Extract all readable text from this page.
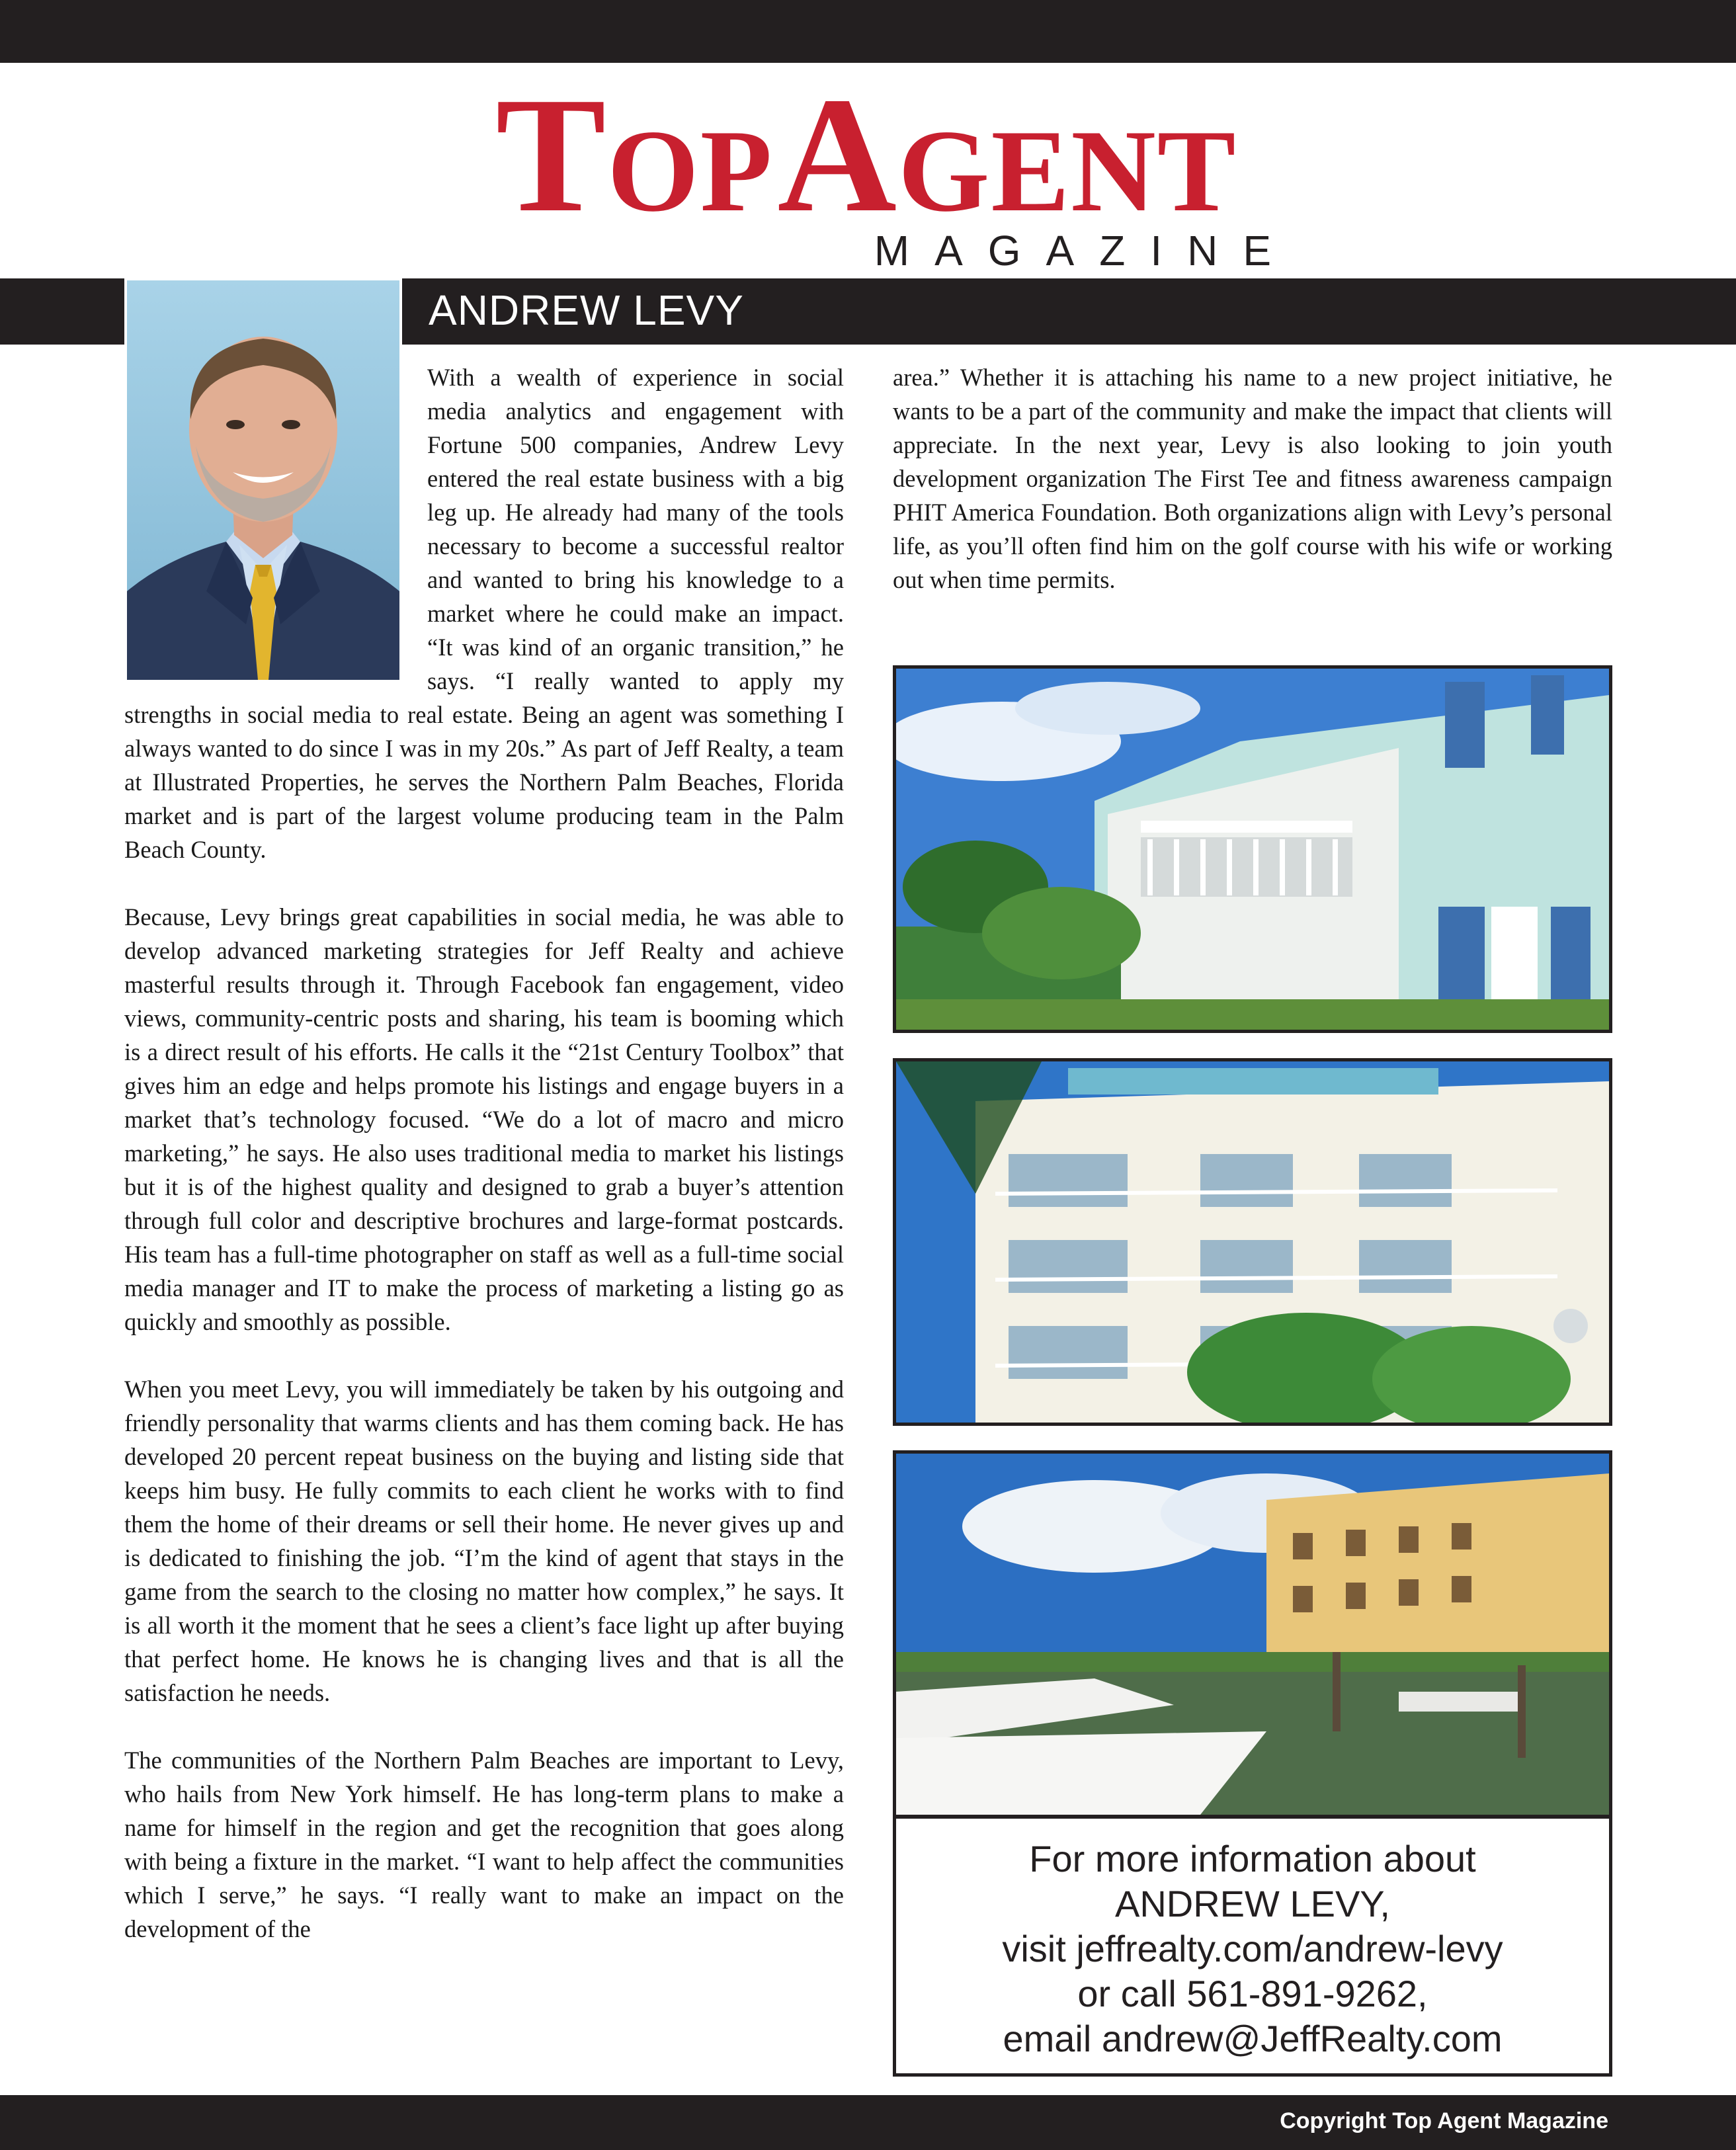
TOP AGENT
MAGAZINE
ANDREW LEVY

With a wealth of experience in social media analytics and engagement with Fortune 500 companies, Andrew Levy entered the real estate business with a big leg up. He already had many of the tools necessary to become a successful realtor and wanted to bring his knowledge to a market where he could make an impact. “It was kind of an organic transition,” he says. “I really wanted to apply my strengths in social media to real estate. Being an agent was something I always wanted to do since I was in my 20s.” As part of Jeff Realty, a team at Illustrated Properties, he serves the Northern Palm Beaches, Florida market and is part of the largest volume producing team in the Palm Beach County.

Because, Levy brings great capabilities in social media, he was able to develop advanced marketing strategies for Jeff Realty and achieve masterful results through it. Through Facebook fan engagement, video views, community-centric posts and sharing, his team is booming which is a direct result of his efforts. He calls it the “21st Century Toolbox” that gives him an edge and helps promote his listings and engage buyers in a market that’s technology focused. “We do a lot of macro and micro marketing,” he says. He also uses traditional media to market his listings but it is of the highest quality and designed to grab a buyer’s attention through full color and descriptive brochures and large-format postcards. His team has a full-time photographer on staff as well as a full-time social media manager and IT to make the process of marketing a listing go as quickly and smoothly as possible.

When you meet Levy, you will immediately be taken by his outgoing and friendly personality that warms clients and has them coming back. He has developed 20 percent repeat business on the buying and listing side that keeps him busy. He fully commits to each client he works with to find them the home of their dreams or sell their home. He never gives up and is dedicated to finishing the job. “I’m the kind of agent that stays in the game from the search to the closing no matter how complex,” he says. It is all worth it the moment that he sees a client’s face light up after buying that perfect home. He knows he is changing lives and that is all the satisfaction he needs.

The communities of the Northern Palm Beaches are important to Levy, who hails from New York himself. He has long-term plans to make a name for himself in the region and get the recognition that goes along with being a fixture in the market. “I want to help affect the communities which I serve,” he says. “I really want to make an impact on the development of the

area.” Whether it is attaching his name to a new project initiative, he wants to be a part of the community and make the impact that clients will appreciate. In the next year, Levy is also looking to join youth development organization The First Tee and fitness awareness campaign PHIT America Foundation. Both organizations align with Levy’s personal life, as you’ll often find him on the golf course with his wife or working out when time permits.

For more information about
ANDREW LEVY,
visit jeffrealty.com/andrew-levy
or call 561-891-9262,
email andrew@JeffRealty.com
Copyright Top Agent Magazine
